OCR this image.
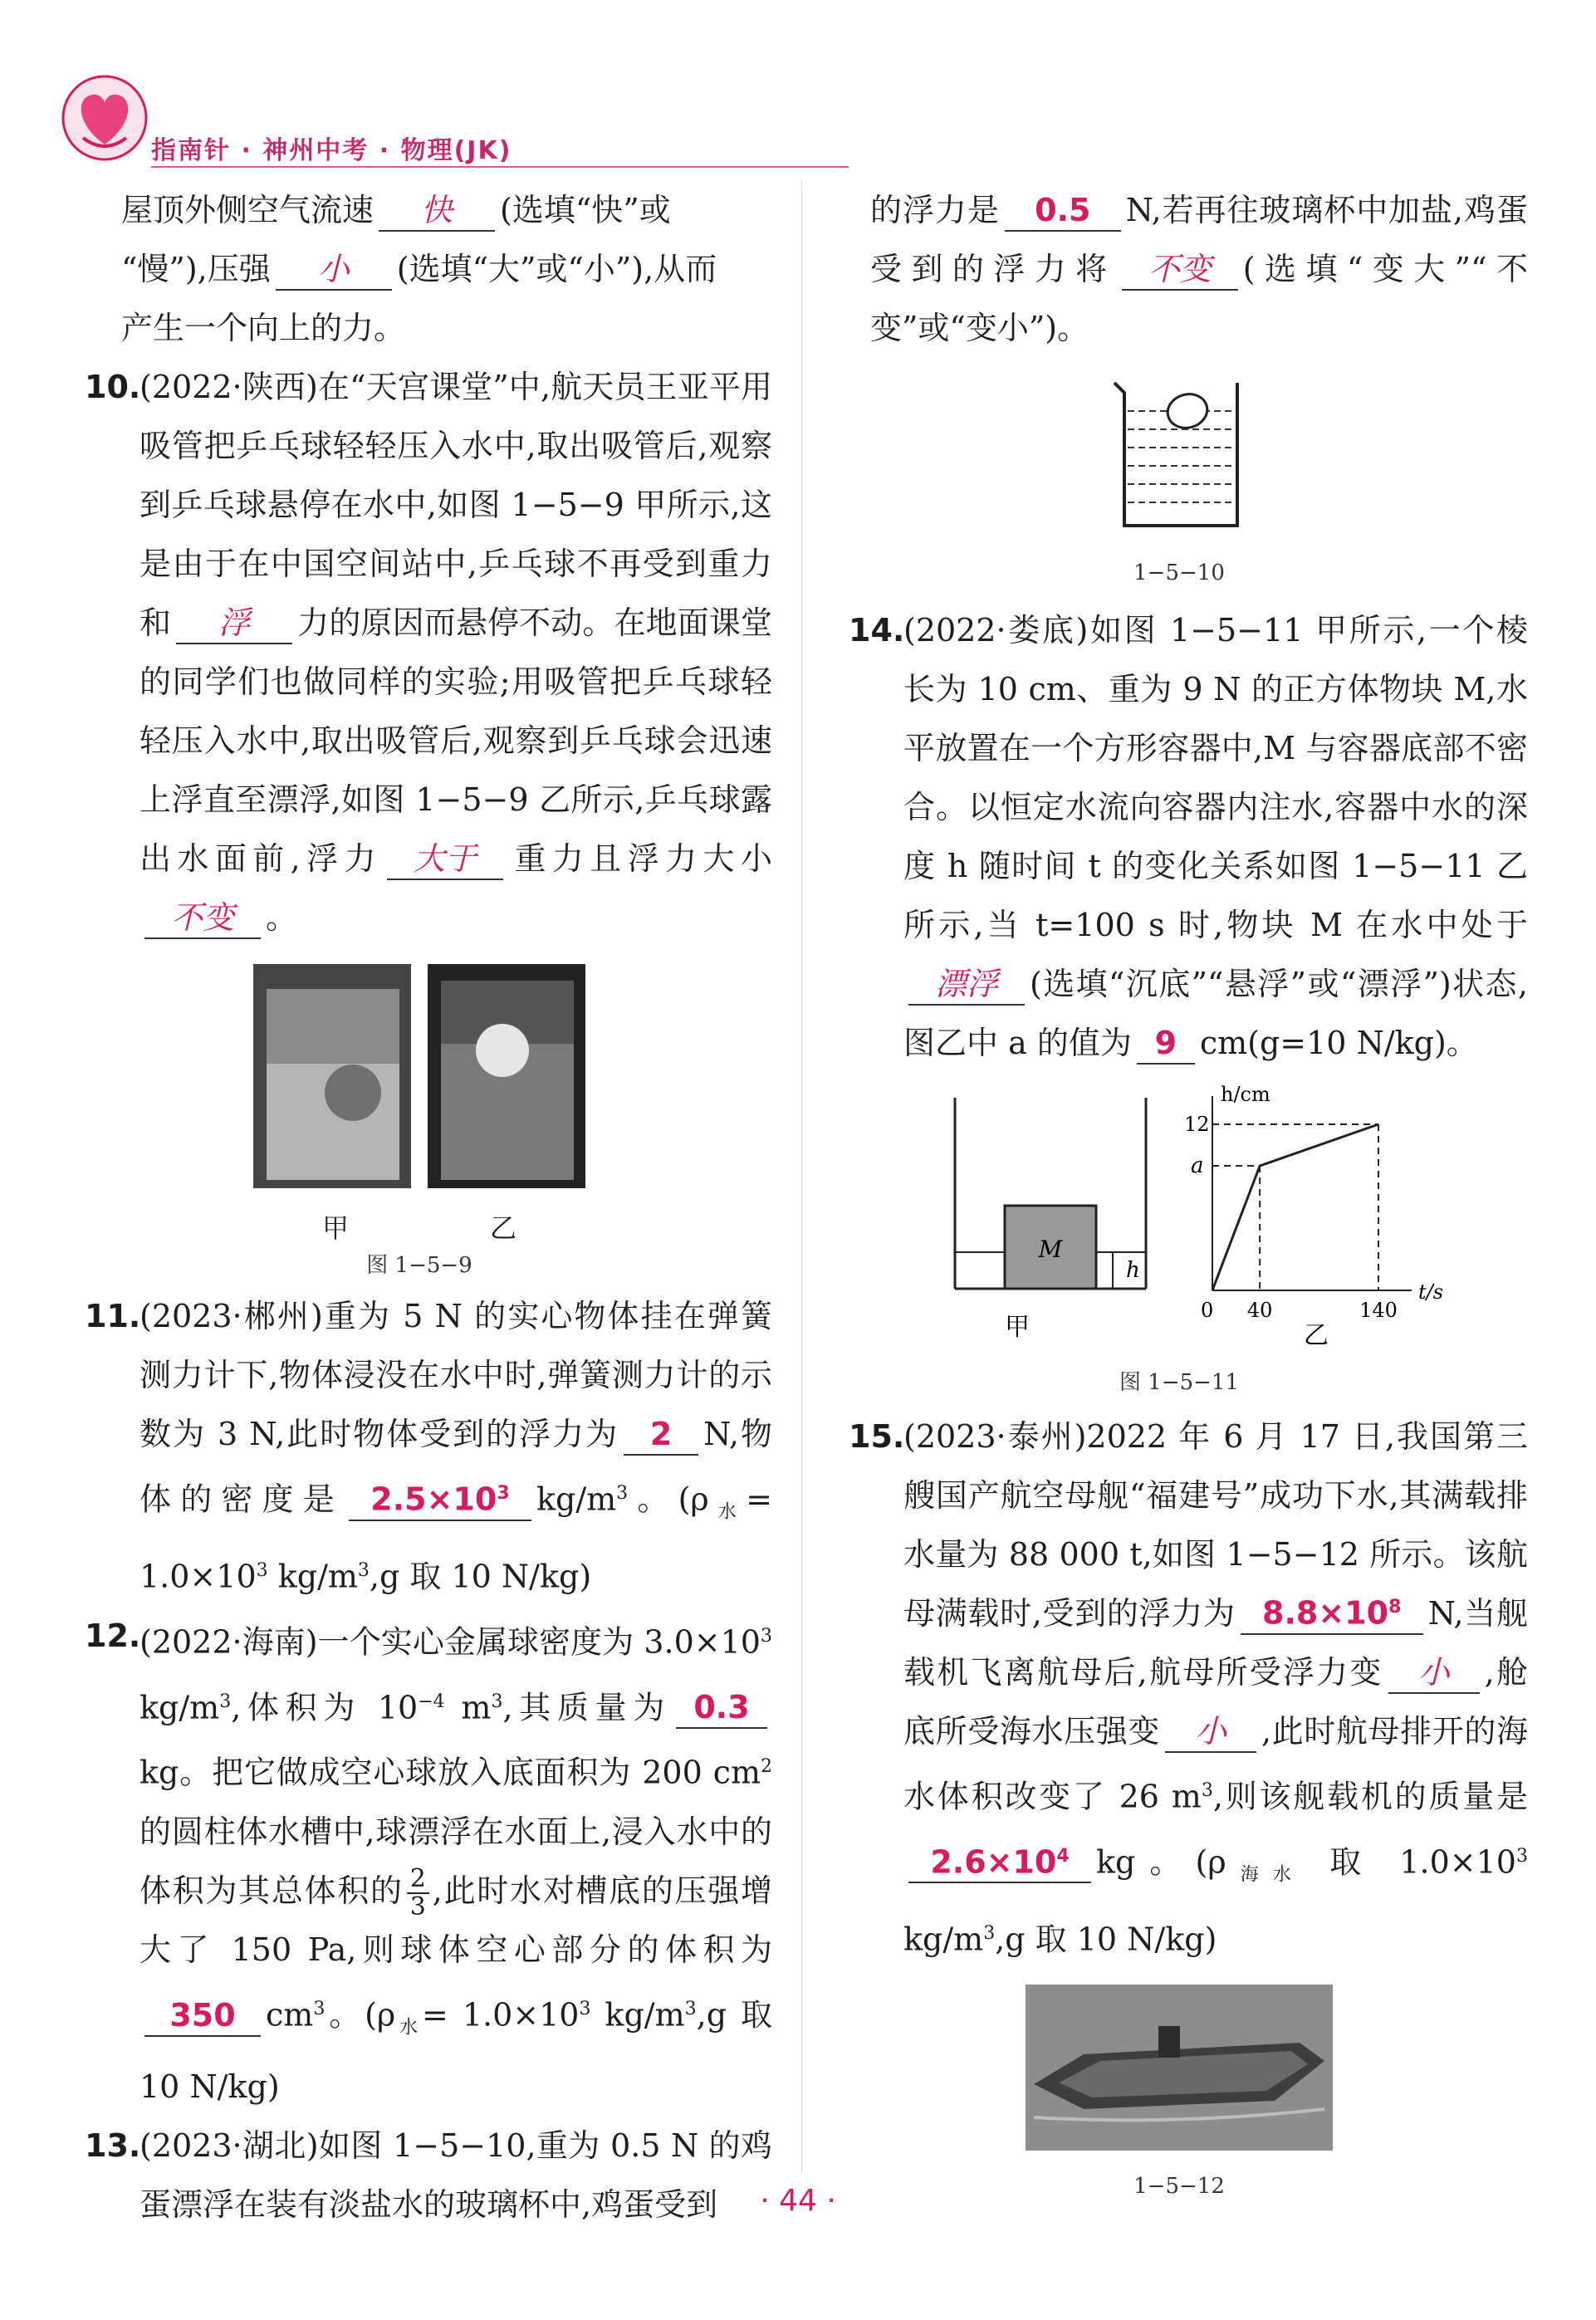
指南针 · 神州中考 · 物理(JK)

屋顶外侧空气流速 快 (选填“快”或
“慢”),压强 小 (选填“大”或“小”),从而
产生一个向上的力。

10.
(2022·陕西)在“天宫课堂”中,航天员王亚平用吸管把乒乓球轻轻压入水中,取出吸管后,观察到乒乓球悬停在水中,如图 1−5−9 甲所示,这是由于在中国空间站中,乒乓球不再受到重力和 浮 力的原因而悬停不动。在地面课堂的同学们也做同样的实验;用吸管把乒乓球轻轻压入水中,取出吸管后,观察到乒乓球会迅速上浮直至漂浮,如图 1−5−9 乙所示,乒乓球露出水面前,浮力 大于 重力且浮力大小不变 。

甲	乙
图 1−5−9

11.
(2023·郴州)重为 5 N 的实心物体挂在弹簧测力计下,物体浸没在水中时,弹簧测力计的示数为 3 N,此时物体受到的浮力为 2 N,物体的密度是 $2.5\times 10^3$ $kg/m^3$。($\rho_水= 1.0\times 10^3$ $kg/m^3,g$ 取 10 N/kg)

12.
(2022·海南)一个实心金属球密度为 $3.0\times 10^3$ $kg/m^3$,体积为 $10^{-4}$ $m^3$,其质量为 0.3kg。把它做成空心球放入底面积为 200 $cm^2$ 的圆柱体水槽中,球漂浮在水面上,浸入水中的体积为其总体积的 $\frac{2}{3}$ ,此时水对槽底的压强增大了 150 Pa,则球体空心部分的体积为350 $cm^3$。($\rho_水= 1.0\times 10^3$ $kg/m^3,g$ 取 10 N/kg)

13.
(2023·湖北)如图 1−5−10,重为 0.5 N 的鸡蛋漂浮在装有淡盐水的玻璃杯中,鸡蛋受到

的浮力是 0.5 N,若再往玻璃杯中加盐,鸡蛋受到的浮力将 不变 (选填“变大”“不变”或“变小”)。

1−5−10

14.
(2022·娄底)如图 1−5−11 甲所示,一个棱长为 10 cm、重为 9 N 的正方体物块 M,水平放置在一个方形容器中,M 与容器底部不密合。以恒定水流向容器内注水,容器中水的深度 h 随时间 t 的变化关系如图 1−5−11 乙所示,当 t=100 s 时,物块 M 在水中处于漂浮 (选填“沉底”“悬浮”或“漂浮”)状态,图乙中 a 的值为 9 cm(g=10 N/kg)。

M
h
甲
h/cm
t/s
12
a
0 40	140
乙
图 1−5−11

15.
(2023·泰州)2022 年 6 月 17 日,我国第三艘国产航空母舰“福建号”成功下水,其满载排水量为 88 000 t,如图 1−5−12 所示。该航母满载时,受到的浮力为 $8.8\times 10^8$ N,当舰载机飞离航母后,航母所受浮力变 小 ,舱底所受海水压强变 小 ,此时航母排开的海水体积改变了 26 $m^3$,则该舰载机的质量是$2.6\times 10^4$ kg。($\rho_{海水}$ 取 $1.0\times 10^3$ $kg/m^3,g$ 取 10 N/kg)

1−5−12
· 44 ·
